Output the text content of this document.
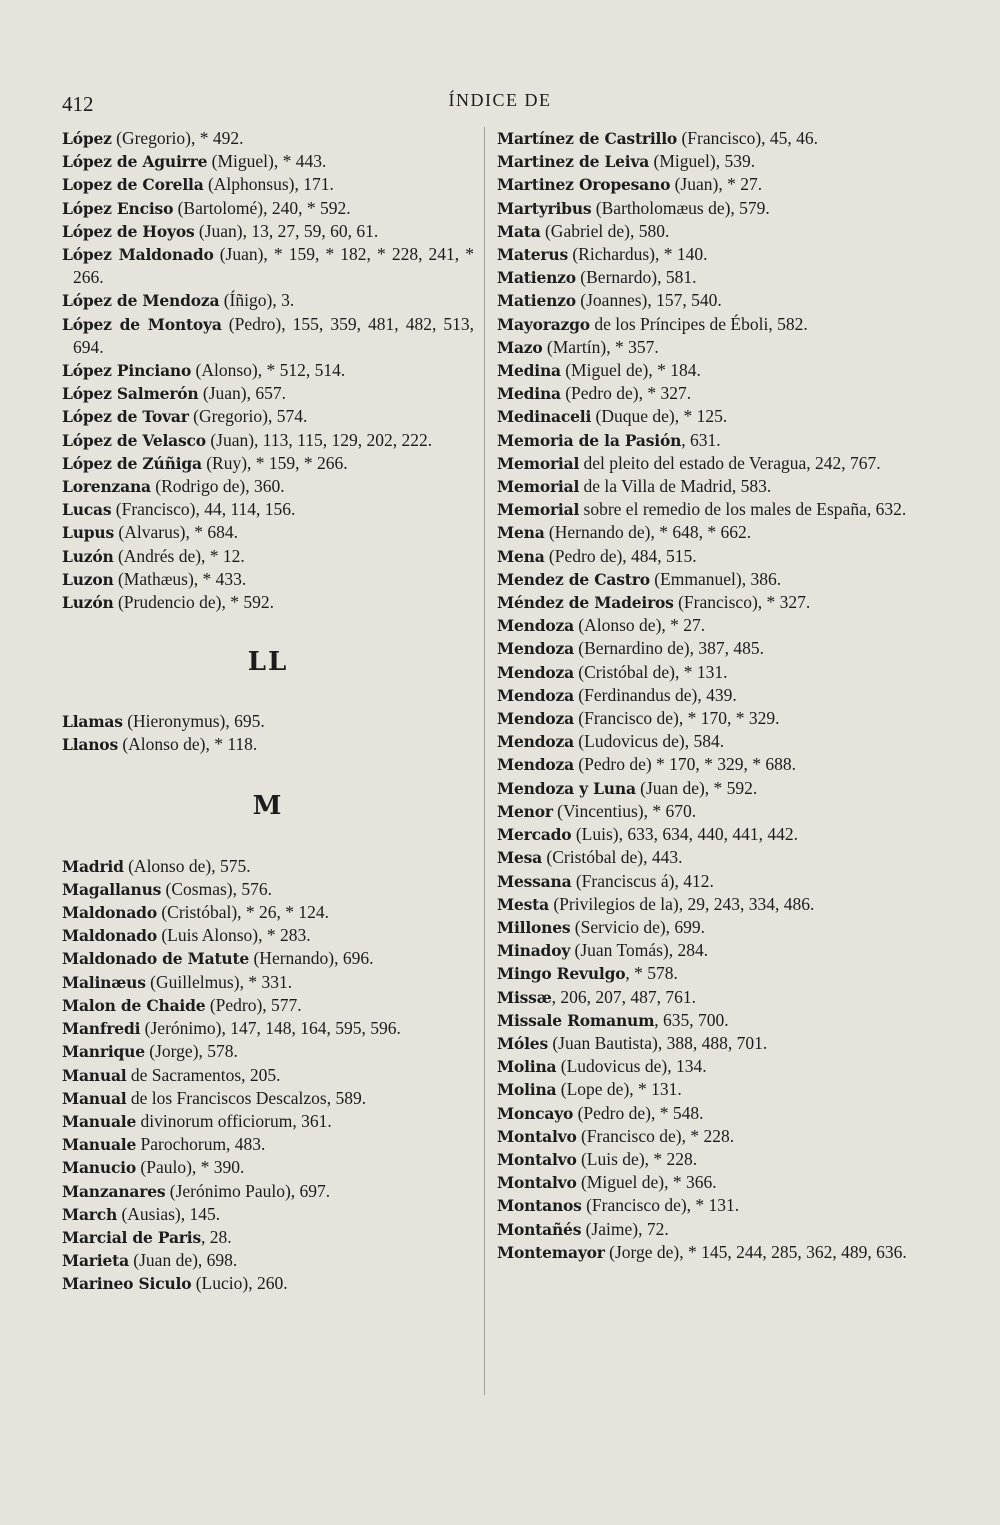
412	ÍNDICE DE
López (Gregorio), * 492.
López de Aguirre (Miguel), * 443.
Lopez de Corella (Alphonsus), 171.
López Enciso (Bartolomé), 240, * 592.
López de Hoyos (Juan), 13, 27, 59, 60, 61.
López Maldonado (Juan), * 159, * 182, * 228, 241, * 266.
López de Mendoza (Íñigo), 3.
López de Montoya (Pedro), 155, 359, 481, 482, 513, 694.
López Pinciano (Alonso), * 512, 514.
López Salmerón (Juan), 657.
López de Tovar (Gregorio), 574.
López de Velasco (Juan), 113, 115, 129, 202, 222.
López de Zúñiga (Ruy), * 159, * 266.
Lorenzana (Rodrigo de), 360.
Lucas (Francisco), 44, 114, 156.
Lupus (Alvarus), * 684.
Luzón (Andrés de), * 12.
Luzon (Mathæus), * 433.
Luzón (Prudencio de), * 592.
LL
Llamas (Hieronymus), 695.
Llanos (Alonso de), * 118.
M
Madrid (Alonso de), 575.
Magallanus (Cosmas), 576.
Maldonado (Cristóbal), * 26, * 124.
Maldonado (Luis Alonso), * 283.
Maldonado de Matute (Hernando), 696.
Malinæus (Guillelmus), * 331.
Malon de Chaide (Pedro), 577.
Manfredi (Jerónimo), 147, 148, 164, 595, 596.
Manrique (Jorge), 578.
Manual de Sacramentos, 205.
Manual de los Franciscos Descalzos, 589.
Manuale divinorum officiorum, 361.
Manuale Parochorum, 483.
Manucio (Paulo), * 390.
Manzanares (Jerónimo Paulo), 697.
March (Ausias), 145.
Marcial de Paris, 28.
Marieta (Juan de), 698.
Marineo Siculo (Lucio), 260.
Martínez de Castrillo (Francisco), 45, 46.
Martinez de Leiva (Miguel), 539.
Martinez Oropesano (Juan), * 27.
Martyribus (Bartholomæus de), 579.
Mata (Gabriel de), 580.
Materus (Richardus), * 140.
Matienzo (Bernardo), 581.
Matienzo (Joannes), 157, 540.
Mayorazgo de los Príncipes de Éboli, 582.
Mazo (Martín), * 357.
Medina (Miguel de), * 184.
Medina (Pedro de), * 327.
Medinaceli (Duque de), * 125.
Memoria de la Pasión, 631.
Memorial del pleito del estado de Veragua, 242, 767.
Memorial de la Villa de Madrid, 583.
Memorial sobre el remedio de los males de España, 632.
Mena (Hernando de), * 648, * 662.
Mena (Pedro de), 484, 515.
Mendez de Castro (Emmanuel), 386.
Méndez de Madeiros (Francisco), * 327.
Mendoza (Alonso de), * 27.
Mendoza (Bernardino de), 387, 485.
Mendoza (Cristóbal de), * 131.
Mendoza (Ferdinandus de), 439.
Mendoza (Francisco de), * 170, * 329.
Mendoza (Ludovicus de), 584.
Mendoza (Pedro de) * 170, * 329, * 688.
Mendoza y Luna (Juan de), * 592.
Menor (Vincentius), * 670.
Mercado (Luis), 633, 634, 440, 441, 442.
Mesa (Cristóbal de), 443.
Messana (Franciscus á), 412.
Mesta (Privilegios de la), 29, 243, 334, 486.
Millones (Servicio de), 699.
Minadoy (Juan Tomás), 284.
Mingo Revulgo, * 578.
Missæ, 206, 207, 487, 761.
Missale Romanum, 635, 700.
Móles (Juan Bautista), 388, 488, 701.
Molina (Ludovicus de), 134.
Molina (Lope de), * 131.
Moncayo (Pedro de), * 548.
Montalvo (Francisco de), * 228.
Montalvo (Luis de), * 228.
Montalvo (Miguel de), * 366.
Montanos (Francisco de), * 131.
Montañés (Jaime), 72.
Montemayor (Jorge de), * 145, 244, 285, 362, 489, 636.
